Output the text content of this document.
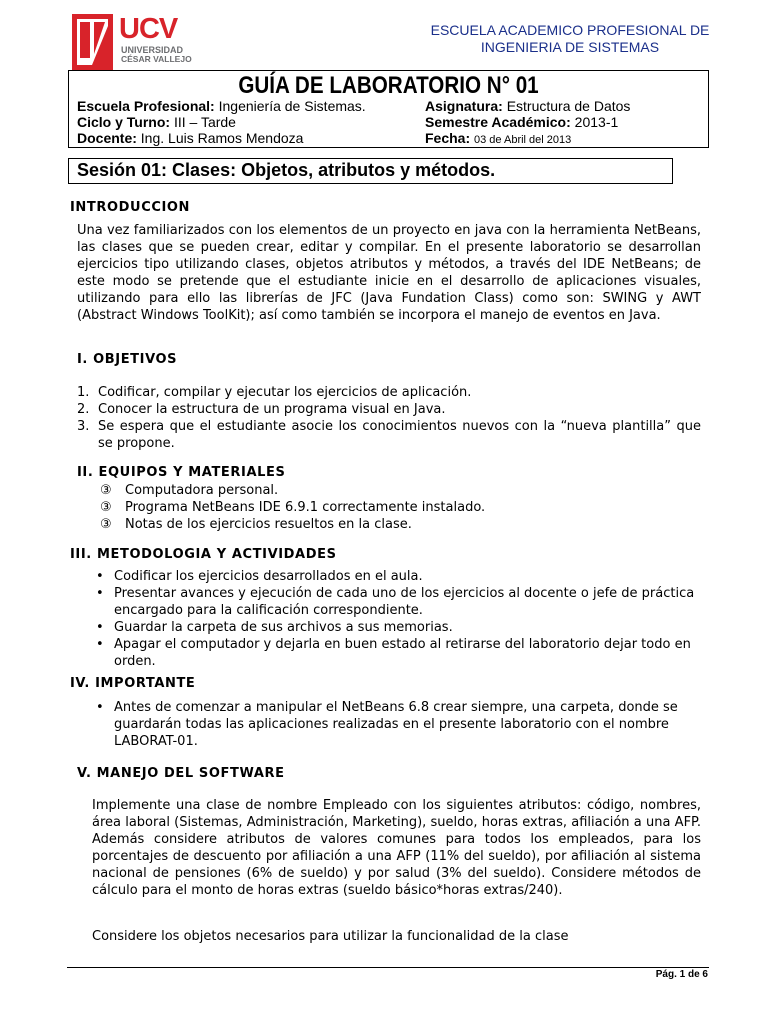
UCV
UNIVERSIDAD
CÉSAR VALLEJO
ESCUELA ACADEMICO PROFESIONAL DE
INGENIERIA DE SISTEMAS
GUÍA DE LABORATORIO N° 01
Escuela Profesional: Ingeniería de Sistemas.
Ciclo y Turno: III – Tarde
Docente: Ing. Luis Ramos Mendoza
Asignatura: Estructura de Datos
Semestre Académico: 2013-1
Fecha: 03 de Abril del 2013
Sesión 01: Clases: Objetos, atributos y métodos.
INTRODUCCION
Una vez familiarizados con los elementos de un proyecto en java con la herramienta NetBeans, las clases que se pueden crear, editar y compilar. En el presente laboratorio se desarrollan ejercicios tipo utilizando clases, objetos atributos y métodos, a través del IDE NetBeans; de este modo se pretende que el estudiante inicie en el desarrollo de aplicaciones visuales, utilizando para ello las librerías de JFC (Java Fundation Class) como son: SWING y AWT (Abstract Windows ToolKit); así como también se incorpora el manejo de eventos en Java.
I. OBJETIVOS
1. Codificar, compilar y ejecutar los ejercicios de aplicación.
2. Conocer la estructura de un programa visual en Java.
3. Se espera que el estudiante asocie los conocimientos nuevos con la “nueva plantilla” que se propone.
II. EQUIPOS Y MATERIALES
③ Computadora personal.
③ Programa NetBeans IDE 6.9.1 correctamente instalado.
③ Notas de los ejercicios resueltos en la clase.
III. METODOLOGIA Y ACTIVIDADES
• Codificar los ejercicios desarrollados en el aula.
• Presentar avances y ejecución de cada uno de los ejercicios al docente o jefe de práctica encargado para la calificación correspondiente.
• Guardar la carpeta de sus archivos a sus memorias.
• Apagar el computador y dejarla en buen estado al retirarse del laboratorio dejar todo en orden.
IV. IMPORTANTE
• Antes de comenzar a manipular el NetBeans 6.8 crear siempre, una carpeta, donde se guardarán todas las aplicaciones realizadas en el presente laboratorio con el nombre LABORAT-01.
V. MANEJO DEL SOFTWARE
Implemente una clase de nombre Empleado con los siguientes atributos: código, nombres, área laboral (Sistemas, Administración, Marketing), sueldo, horas extras, afiliación a una AFP. Además considere atributos de valores comunes para todos los empleados, para los porcentajes de descuento por afiliación a una AFP (11% del sueldo), por afiliación al sistema nacional de pensiones (6% de sueldo) y por salud (3% del sueldo). Considere métodos de cálculo para el monto de horas extras (sueldo básico*horas extras/240).
Considere los objetos necesarios para utilizar la funcionalidad de la clase
Pág. 1 de 6
